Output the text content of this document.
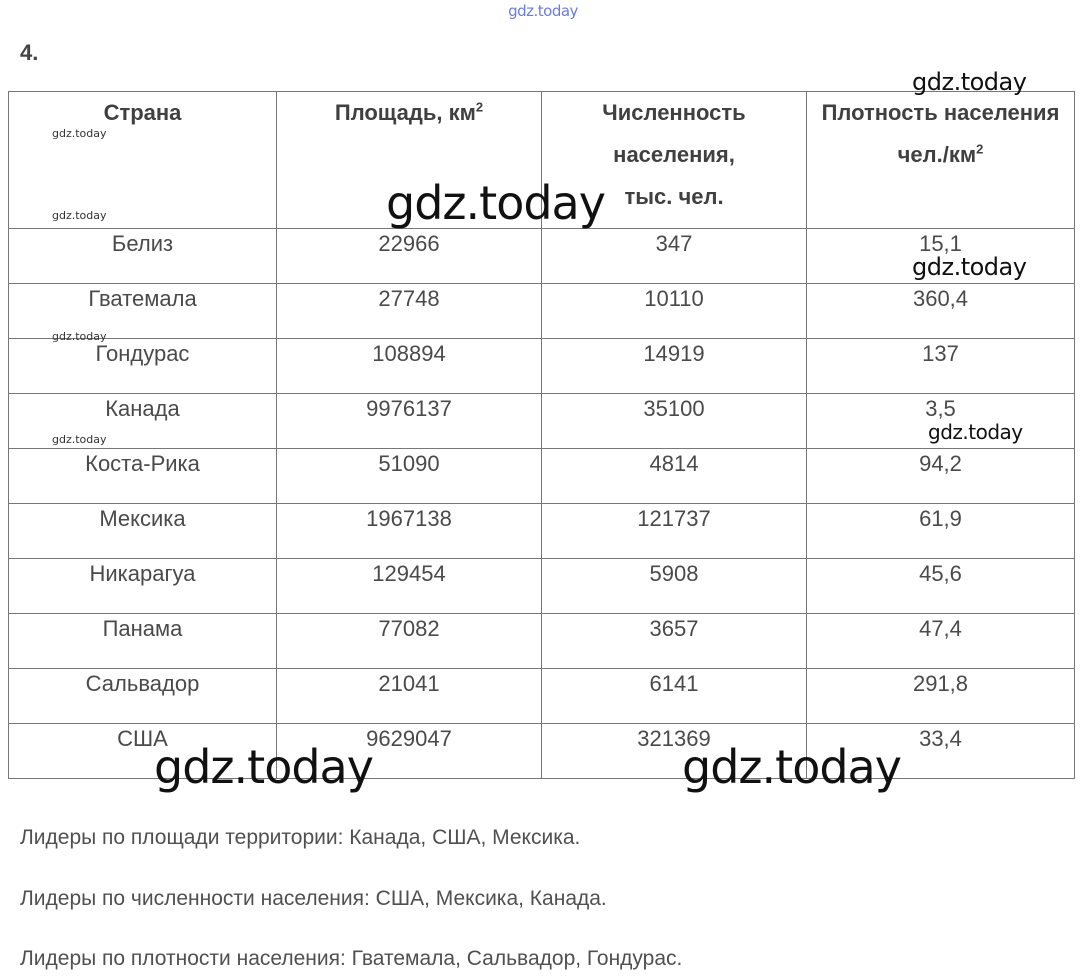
gdz.today
4.
Страна	Площадь, $км^2$	Численность населения, тыс. чел.	Плотность населения $чел./км^2$
Белиз	22966	347	15,1
Гватемала	27748	10110	360,4
Гондурас	108894	14919	137
Канада	9976137	35100	3,5
Коста-Рика	51090	4814	94,2
Мексика	1967138	121737	61,9
Никарагуа	129454	5908	45,6
Панама	77082	3657	47,4
Сальвадор	21041	6141	291,8
США	9629047	321369	33,4
Лидеры по площади территории: Канада, США, Мексика.
Лидеры по численности населения: США, Мексика, Канада.
Лидеры по плотности населения: Гватемала, Сальвадор, Гондурас.
gdz.today
gdz.today	gdz.today
gdz.today
gdz.today
gdz.today
gdz.today
gdz.today
gdz.today
gdz.today
